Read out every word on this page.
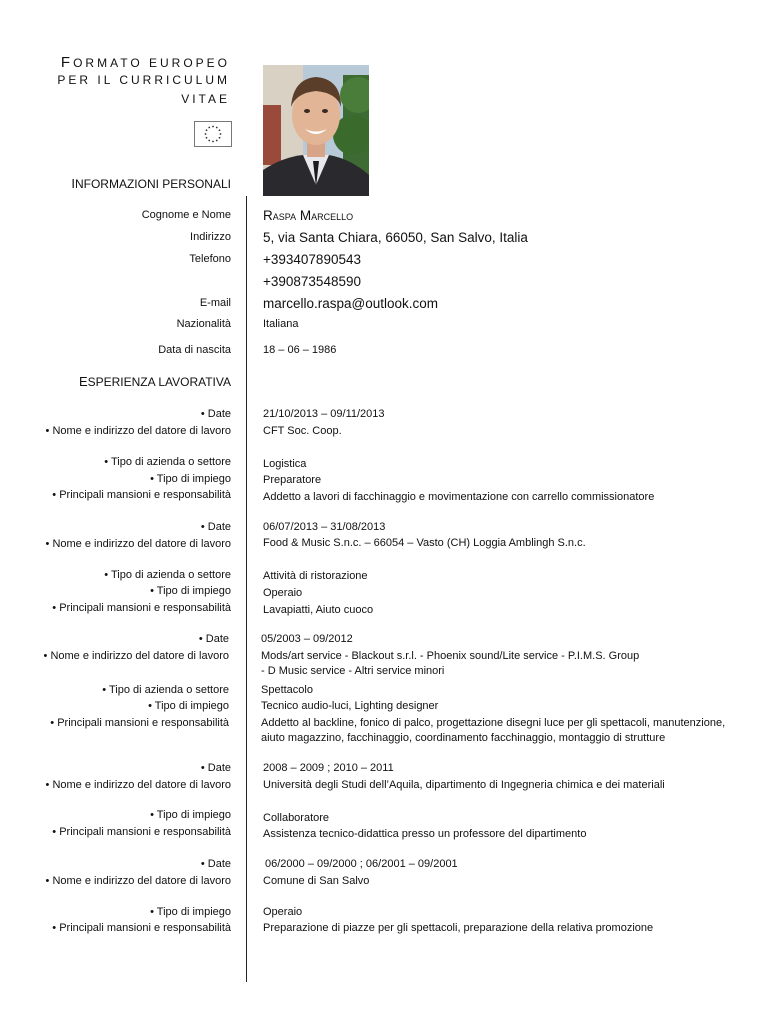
FORMATO EUROPEO
PER IL CURRICULUM
VITAE
INFORMAZIONI PERSONALI
Cognome e Nome Raspa Marcello
Indirizzo 5, via Santa Chiara, 66050, San Salvo, Italia
Telefono +393407890543
+390873548590
E-mail marcello.raspa@outlook.com
Nazionalità	Italiana
Data di nascita	18 – 06 – 1986
ESPERIENZA LAVORATIVA
• Date	21/10/2013 – 09/11/2013
• Nome e indirizzo del datore di lavoro	CFT Soc. Coop.
• Tipo di azienda o settore	Logistica
• Tipo di impiego	Preparatore
• Principali mansioni e responsabilità	Addetto a lavori di facchinaggio e movimentazione con carrello commissionatore
• Date	06/07/2013 – 31/08/2013
• Nome e indirizzo del datore di lavoro	Food & Music S.n.c. – 66054 – Vasto (CH) Loggia Amblingh S.n.c.
• Tipo di azienda o settore	Attività di ristorazione
• Tipo di impiego	Operaio
• Principali mansioni e responsabilità	Lavapiatti, Aiuto cuoco
• Date	05/2003 – 09/2012
• Nome e indirizzo del datore di lavoro	Mods/art service - Blackout s.r.l. - Phoenix sound/Lite service - P.I.M.S. Group - D Music service - Altri service minori
• Tipo di azienda o settore	Spettacolo
• Tipo di impiego	Tecnico audio-luci, Lighting designer
• Principali mansioni e responsabilità	Addetto al backline, fonico di palco, progettazione disegni luce per gli spettacoli, manutenzione, aiuto magazzino, facchinaggio, coordinamento facchinaggio, montaggio di strutture
• Date	2008 – 2009 ; 2010 – 2011
• Nome e indirizzo del datore di lavoro	Università degli Studi dell’Aquila, dipartimento di Ingegneria chimica e dei materiali
• Tipo di impiego	Collaboratore
• Principali mansioni e responsabilità	Assistenza tecnico-didattica presso un professore del dipartimento
• Date	06/2000 – 09/2000 ; 06/2001 – 09/2001
• Nome e indirizzo del datore di lavoro	Comune di San Salvo
• Tipo di impiego	Operaio
• Principali mansioni e responsabilità	Preparazione di piazze per gli spettacoli, preparazione della relativa promozione
